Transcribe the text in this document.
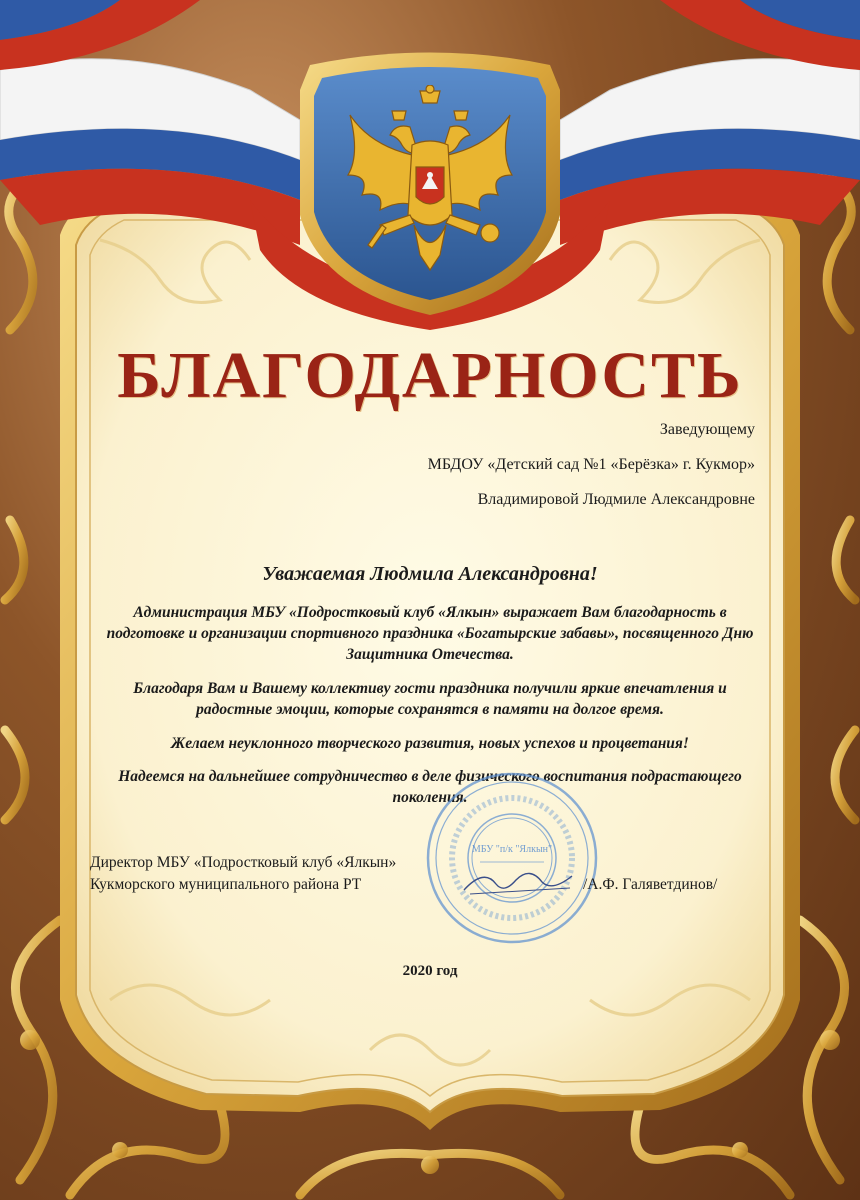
БЛАГОДАРНОСТЬ
Заведующему
МБДОУ «Детский сад №1 «Берёзка» г. Кукмор»
Владимировой Людмиле Александровне
Уважаемая Людмила Александровна!
Администрация МБУ «Подростковый клуб «Ялкын» выражает Вам благодарность в подготовке и организации спортивного праздника «Богатырские забавы», посвященного Дню Защитника Отечества.
Благодаря Вам и Вашему коллективу гости праздника получили яркие впечатления и радостные эмоции, которые сохранятся в памяти на долгое время.
Желаем неуклонного творческого развития, новых успехов и процветания!
Надеемся на дальнейшее сотрудничество в деле физического воспитания подрастающего поколения.
МБУ "п/к "Ялкын"
Директор МБУ «Подростковый клуб «Ялкын»
Кукморского муниципального района РТ	/А.Ф. Галяветдинов/
2020 год
